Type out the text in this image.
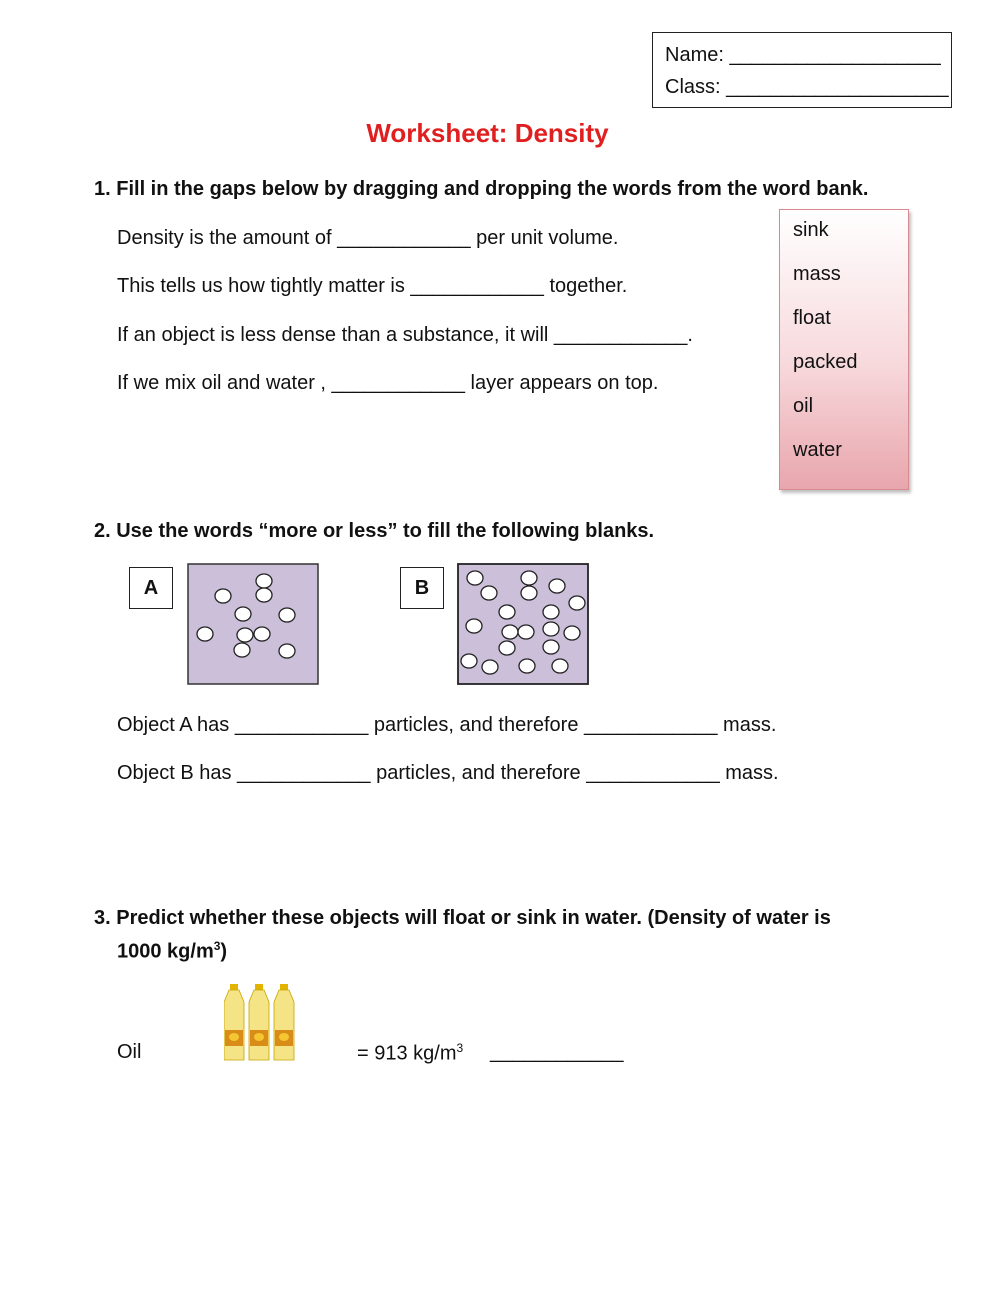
Name: ___________________
Class: ____________________
Worksheet: Density
1. Fill in the gaps below by dragging and dropping the words from the word bank.
Density is the amount of ____________ per unit volume.
This tells us how tightly matter is ____________ together.
If an object is less dense than a substance, it will ____________.
If we mix oil and water , ____________ layer appears on top.
sink
mass
float
packed
oil
water
2. Use the words “more or less” to fill the following blanks.
A	B
Object A has ____________ particles, and therefore ____________ mass.
Object B has ____________ particles, and therefore ____________ mass.
3. Predict whether these objects will float or sink in water. (Density of water is
1000 $kg/m^3$)
Oil	= 913 $kg/m^3$ ____________
